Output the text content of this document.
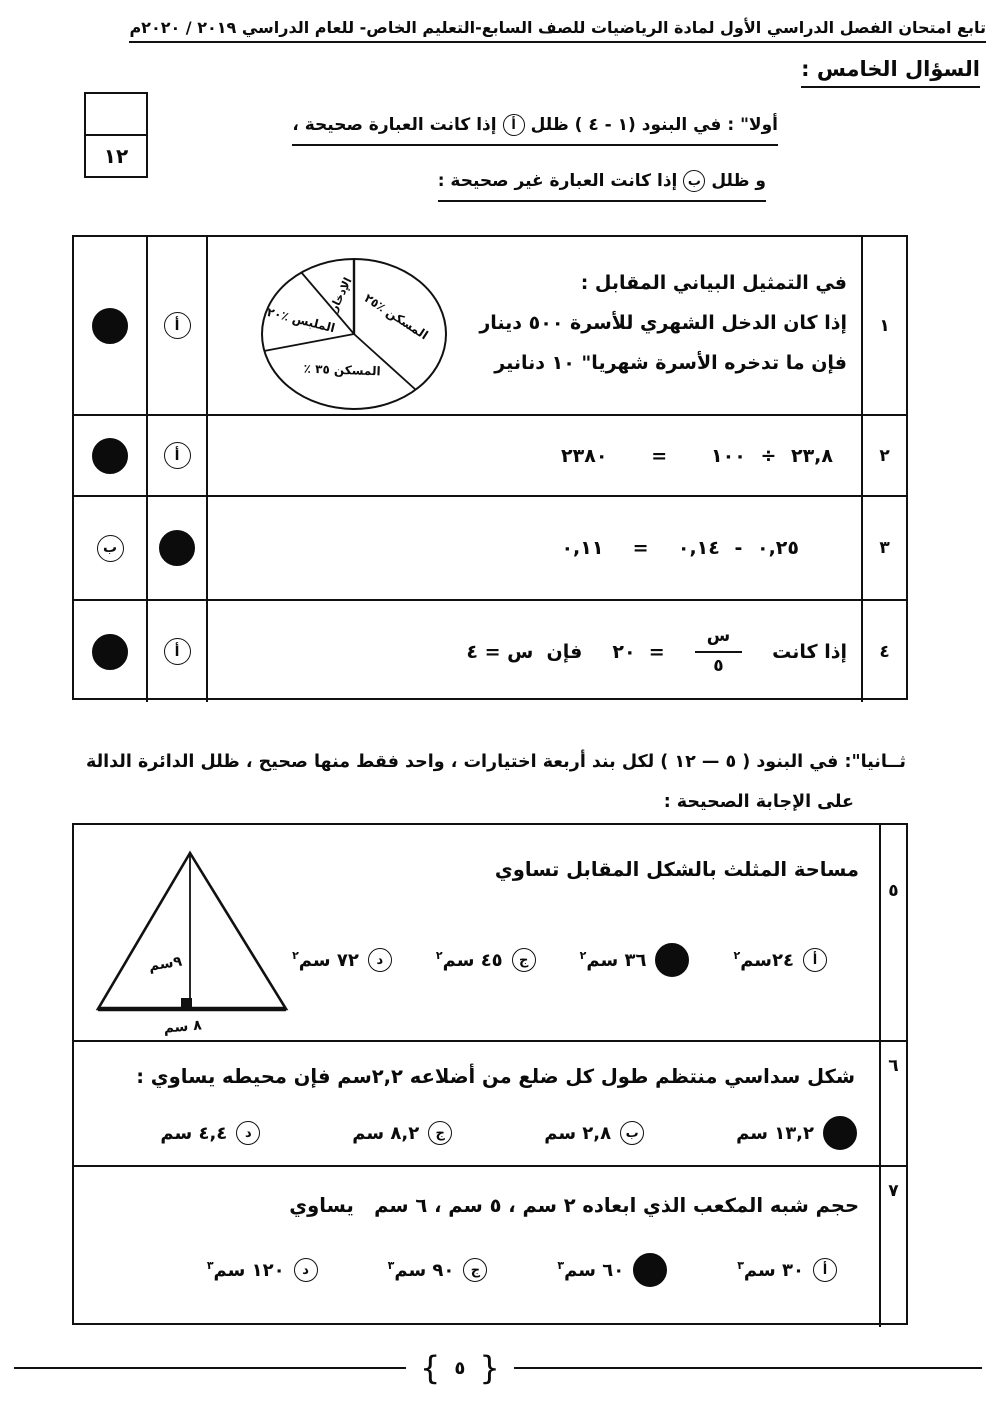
تابع امتحان الفصل الدراسي الأول لمادة الرياضيات للصف السابع-التعليم الخاص- للعام الدراسي ٢٠١٩ / ٢٠٢٠م
السؤال الخامس :
١٢
أولا" : في البنود (١ - ٤ ) ظللأإذا كانت العبارة صحيحة ،
و ظللبإذا كانت العبارة غير صحيحة :
١
في التمثيل البياني المقابل :
إذا كان الدخل الشهري للأسرة ٥٠٠ دينار
فإن ما تدخره الأسرة شهريا" ١٠ دنانير
الإدخار المسكن ٪٢٥
الملبس ٪٢٠
المسكن ٣٥ ٪
أ
٢
٢٣,٨ ÷ ١٠٠   =   ٢٣٨٠
أ
٣
٠,٢٥ - ٠,١٤  =  ٠,١١
ب
٤
إذا كانت
$\frac{\text{س}}{٥}$
=  ٢٠
فإن  س = ٤
أ
ثــانيا": في البنود ( ٥ — ١٢ ) لكل بند أربعة اختيارات ، واحد فقط منها صحيح ، ظلل الدائرة الدالة
على الإجابة الصحيحة :
٥
مساحة المثلث بالشكل المقابل تساوي
أ
٢٤سم$^٢$
٣٦ سم$^٢$
ج
٤٥ سم$^٢$
د
٧٢ سم$^٢$
٩سم
٨ سم
٦
شكل سداسي منتظم طول كل ضلع من أضلاعه ٢,٢سم فإن محيطه يساوي :
١٣,٢ سم
ب
٢,٨ سم
ج
٨,٢ سم
د
٤,٤ سم
٧
حجم شبه المكعب الذي ابعاده ٢ سم ، ٥ سم ، ٦ سم   يساوي
أ
٣٠ سم$^٣$
٦٠ سم$^٣$
ج
٩٠ سم$^٣$
د
١٢٠ سم$^٣$
{ ٥ }
